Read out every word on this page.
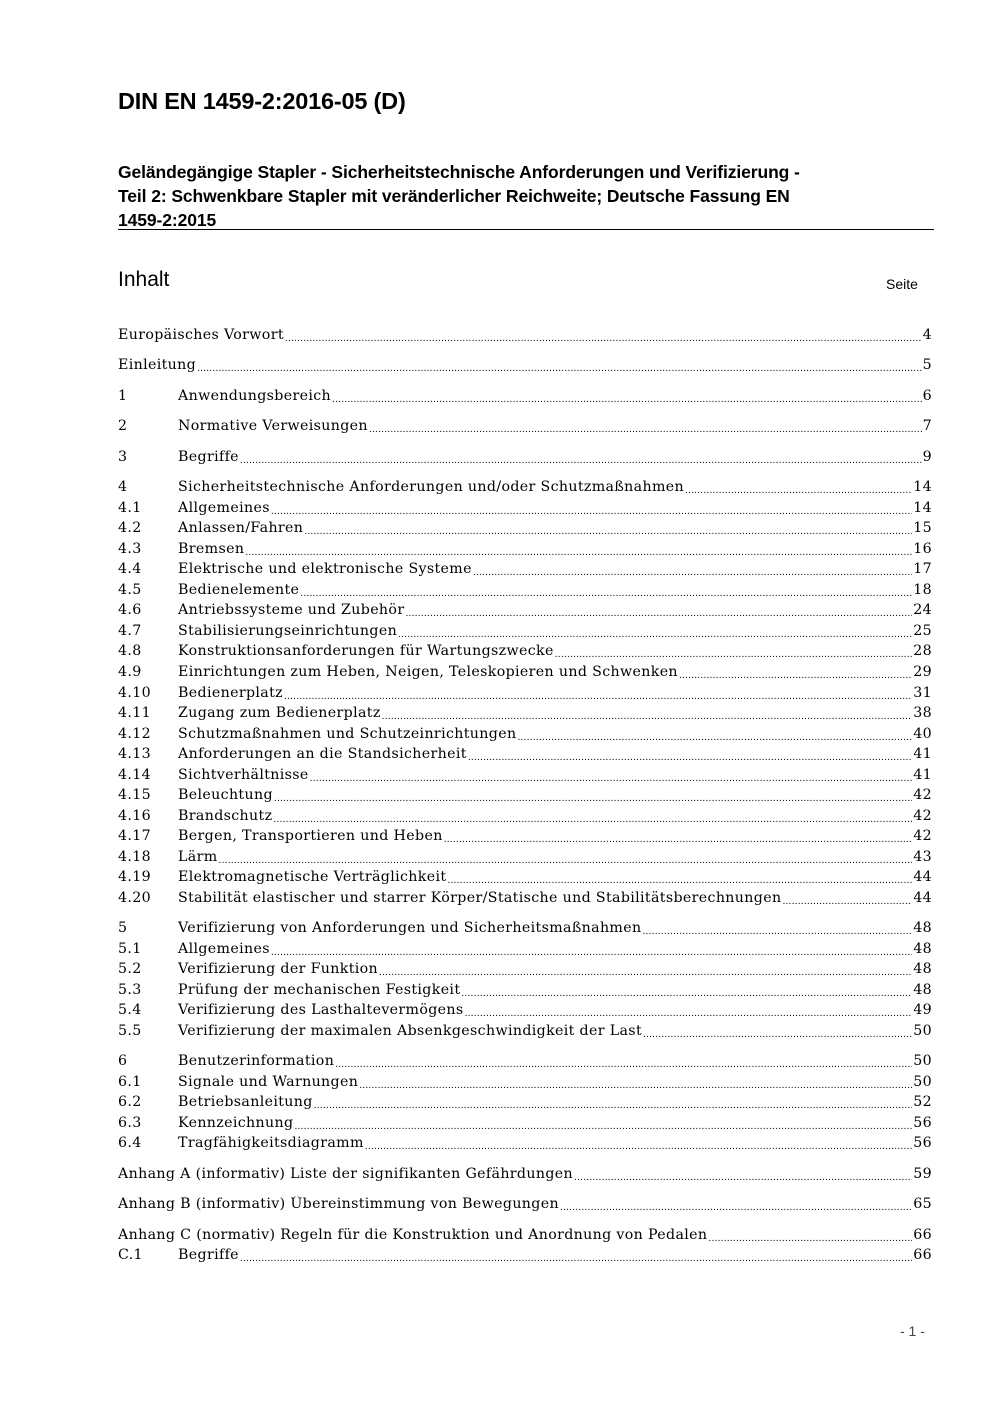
DIN EN 1459-2:2016-05 (D)
Geländegängige Stapler - Sicherheitstechnische Anforderungen und Verifizierung -
Teil 2: Schwenkbare Stapler mit veränderlicher Reichweite; Deutsche Fassung EN
1459-2:2015
Inhalt	Seite
Europäisches Vorwort .....	4
Einleitung .....	5
1	Anwendungsbereich .....	6
2	Normative Verweisungen .....	7
3	Begriffe .....	9
4	Sicherheitstechnische Anforderungen und/oder Schutzmaßnahmen .....	14
4.1	Allgemeines .....	14
4.2	Anlassen/Fahren .....	15
4.3	Bremsen .....	16
4.4	Elektrische und elektronische Systeme .....	17
4.5	Bedienelemente .....	18
4.6	Antriebssysteme und Zubehör .....	24
4.7	Stabilisierungseinrichtungen .....	25
4.8	Konstruktionsanforderungen für Wartungszwecke .....	28
4.9	Einrichtungen zum Heben, Neigen, Teleskopieren und Schwenken .....	29
4.10	Bedienerplatz .....	31
4.11	Zugang zum Bedienerplatz .....	38
4.12	Schutzmaßnahmen und Schutzeinrichtungen .....	40
4.13	Anforderungen an die Standsicherheit .....	41
4.14	Sichtverhältnisse .....	41
4.15	Beleuchtung .....	42
4.16	Brandschutz .....	42
4.17	Bergen, Transportieren und Heben .....	42
4.18	Lärm .....	43
4.19	Elektromagnetische Verträglichkeit .....	44
4.20	Stabilität elastischer und starrer Körper/Statische und Stabilitätsberechnungen .....	44
5	Verifizierung von Anforderungen und Sicherheitsmaßnahmen .....	48
5.1	Allgemeines .....	48
5.2	Verifizierung der Funktion .....	48
5.3	Prüfung der mechanischen Festigkeit .....	48
5.4	Verifizierung des Lasthaltevermögens .....	49
5.5	Verifizierung der maximalen Absenkgeschwindigkeit der Last .....	50
6	Benutzerinformation .....	50
6.1	Signale und Warnungen .....	50
6.2	Betriebsanleitung .....	52
6.3	Kennzeichnung .....	56
6.4	Tragfähigkeitsdiagramm .....	56
Anhang A (informativ) Liste der signifikanten Gefährdungen .....	59
Anhang B (informativ) Übereinstimmung von Bewegungen .....	65
Anhang C (normativ) Regeln für die Konstruktion und Anordnung von Pedalen .....	66
C.1	Begriffe .....	66
- 1 -
